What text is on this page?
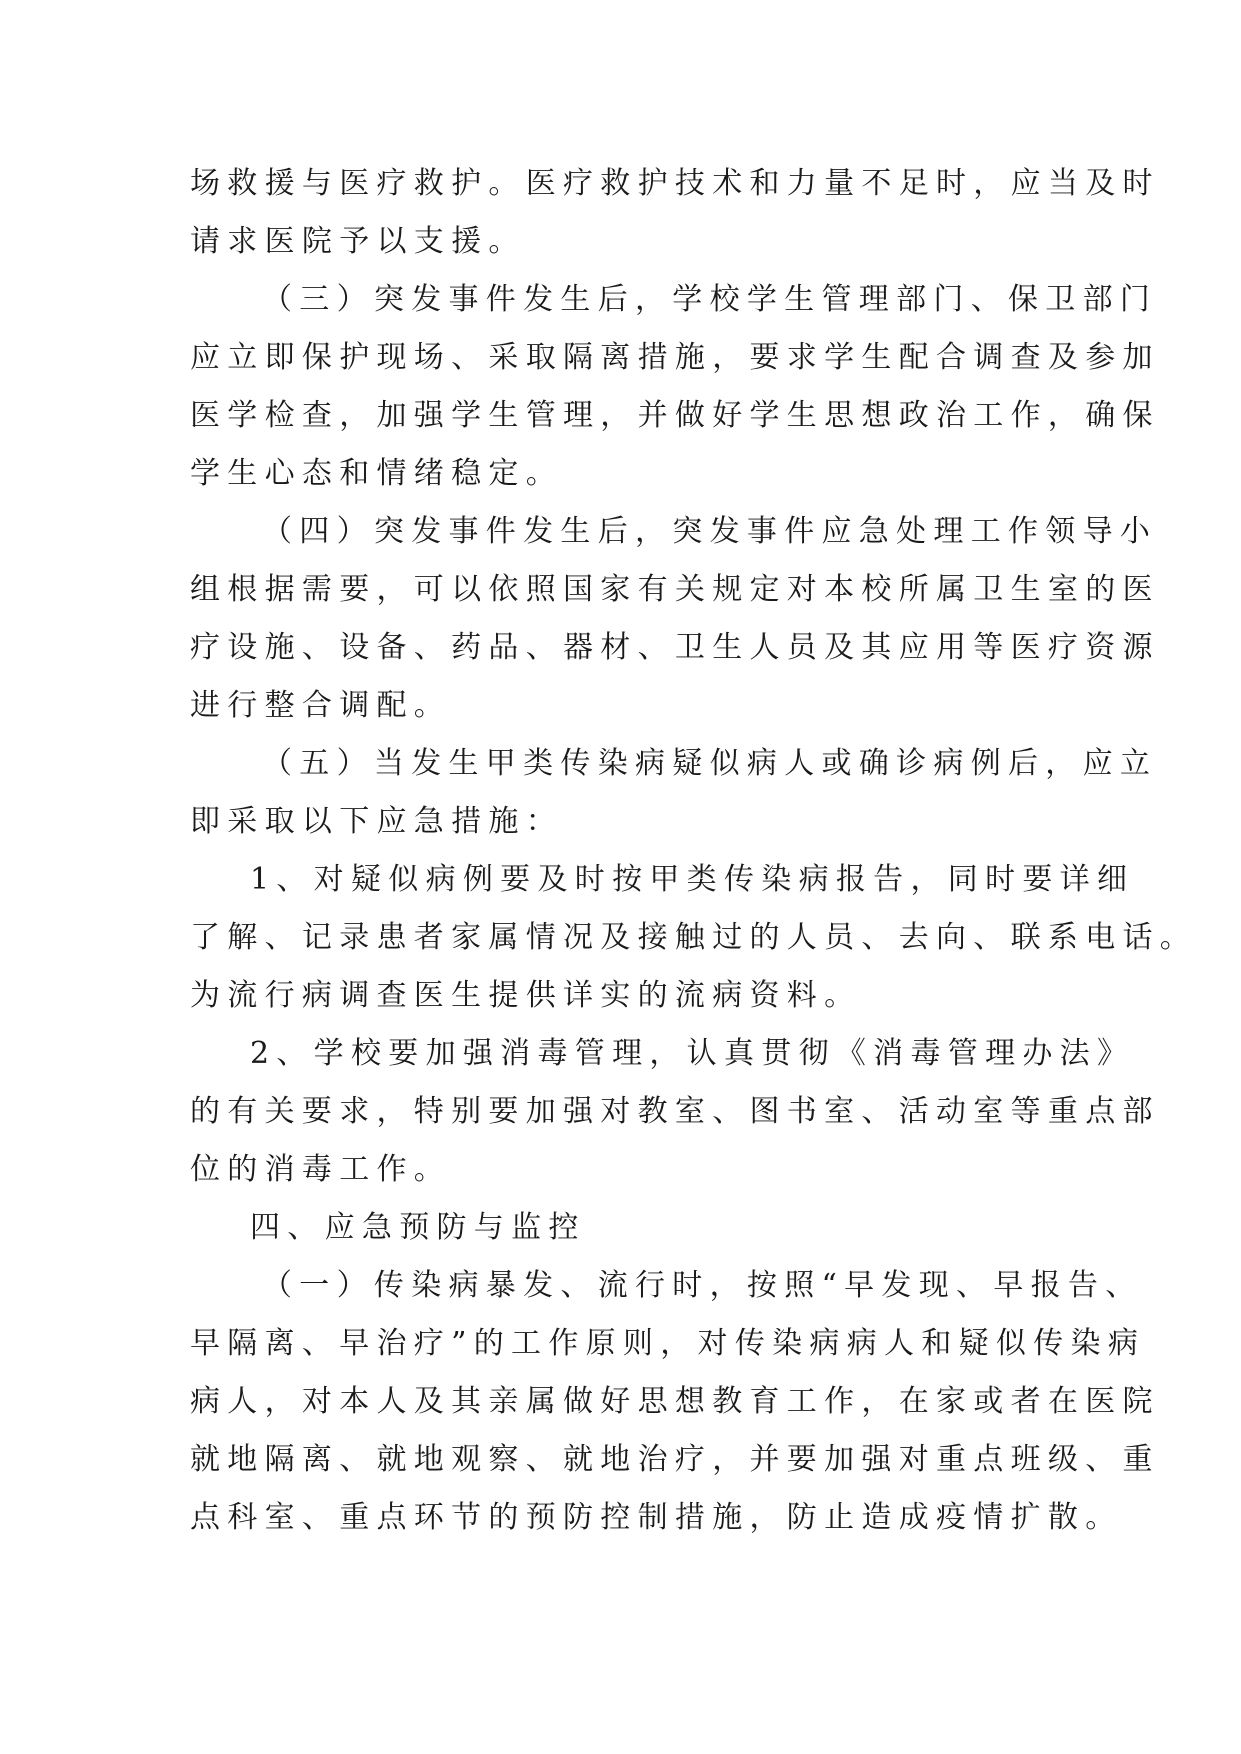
场救援与医疗救护。医疗救护技术和力量不足时，应当及时

请求医院予以支援。

（三）突发事件发生后，学校学生管理部门、保卫部门

应立即保护现场、采取隔离措施，要求学生配合调查及参加

医学检查，加强学生管理，并做好学生思想政治工作，确保

学生心态和情绪稳定。

（四）突发事件发生后，突发事件应急处理工作领导小

组根据需要，可以依照国家有关规定对本校所属卫生室的医

疗设施、设备、药品、器材、卫生人员及其应用等医疗资源

进行整合调配。

（五）当发生甲类传染病疑似病人或确诊病例后，应立

即采取以下应急措施：

1、对疑似病例要及时按甲类传染病报告，同时要详细

了解、记录患者家属情况及接触过的人员、去向、联系电话。

为流行病调查医生提供详实的流病资料。

2、学校要加强消毒管理，认真贯彻《消毒管理办法》

的有关要求，特别要加强对教室、图书室、活动室等重点部

位的消毒工作。

四、应急预防与监控

（一）传染病暴发、流行时，按照“早发现、早报告、

早隔离、早治疗”的工作原则，对传染病病人和疑似传染病

病人，对本人及其亲属做好思想教育工作，在家或者在医院

就地隔离、就地观察、就地治疗，并要加强对重点班级、重

点科室、重点环节的预防控制措施，防止造成疫情扩散。
